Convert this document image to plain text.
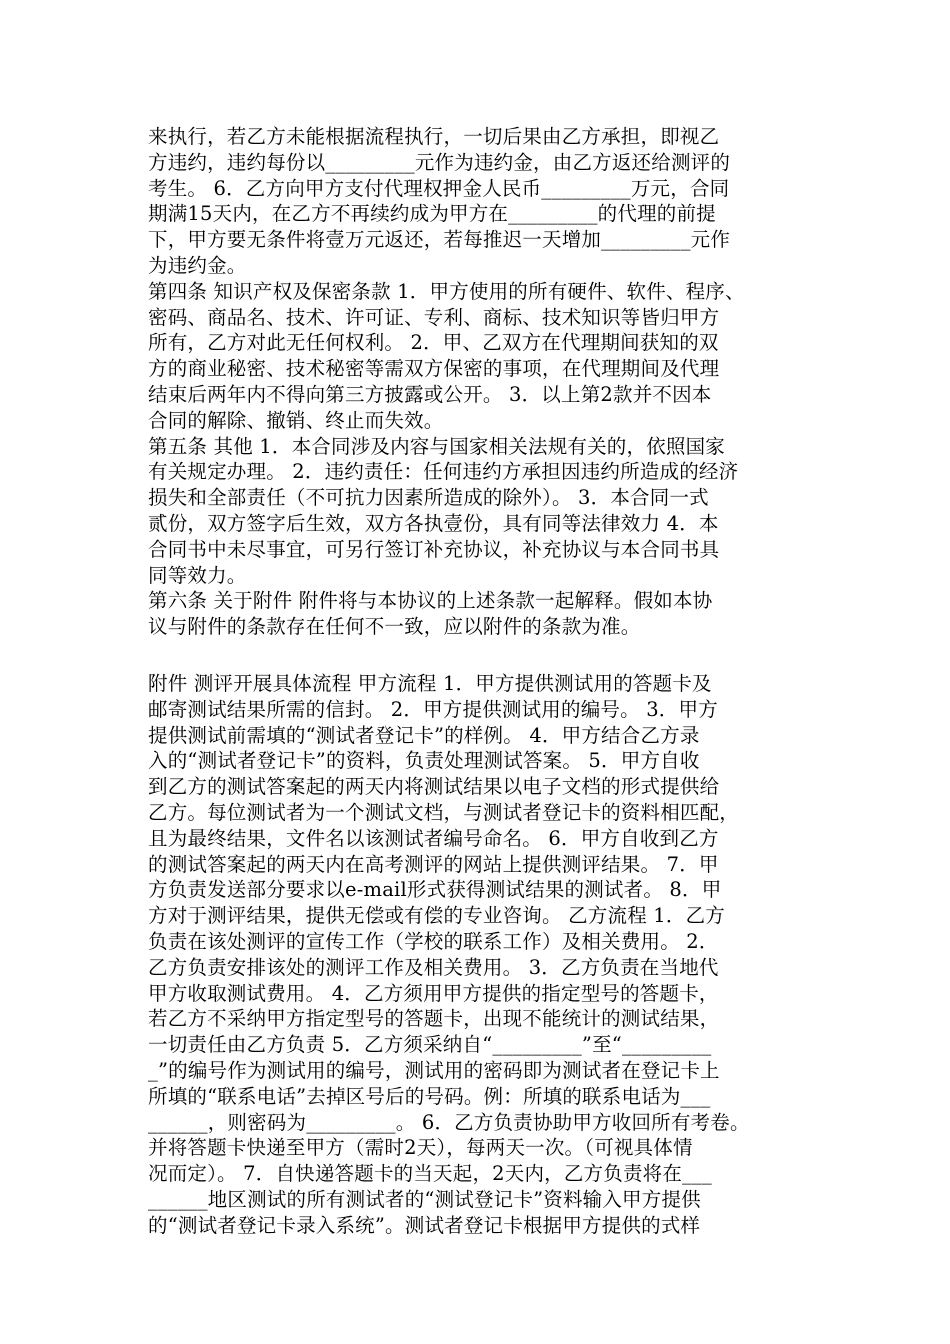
来执行，若乙方未能根据流程执行，一切后果由乙方承担，即视乙
方违约，违约每份以_________元作为违约金，由乙方返还给测评的
考生。 6．乙方向甲方支付代理权押金人民币_________万元，合同
期满15天内，在乙方不再续约成为甲方在_________的代理的前提
下，甲方要无条件将壹万元返还，若每推迟一天增加_________元作
为违约金。
第四条 知识产权及保密条款 1．甲方使用的所有硬件、软件、程序、
密码、商品名、技术、许可证、专利、商标、技术知识等皆归甲方
所有，乙方对此无任何权利。 2．甲、乙双方在代理期间获知的双
方的商业秘密、技术秘密等需双方保密的事项，在代理期间及代理
结束后两年内不得向第三方披露或公开。 3．以上第2款并不因本
合同的解除、撤销、终止而失效。
第五条 其他 1．本合同涉及内容与国家相关法规有关的，依照国家
有关规定办理。 2．违约责任：任何违约方承担因违约所造成的经济
损失和全部责任（不可抗力因素所造成的除外）。 3．本合同一式
贰份，双方签字后生效，双方各执壹份，具有同等法律效力 4．本
合同书中未尽事宜，可另行签订补充协议，补充协议与本合同书具
同等效力。
第六条 关于附件 附件将与本协议的上述条款一起解释。假如本协
议与附件的条款存在任何不一致，应以附件的条款为准。
附件 测评开展具体流程 甲方流程 1．甲方提供测试用的答题卡及
邮寄测试结果所需的信封。 2．甲方提供测试用的编号。 3．甲方
提供测试前需填的“测试者登记卡”的样例。 4．甲方结合乙方录
入的“测试者登记卡”的资料，负责处理测试答案。 5．甲方自收
到乙方的测试答案起的两天内将测试结果以电子文档的形式提供给
乙方。每位测试者为一个测试文档，与测试者登记卡的资料相匹配，
且为最终结果，文件名以该测试者编号命名。 6．甲方自收到乙方
的测试答案起的两天内在高考测评的网站上提供测评结果。 7．甲
方负责发送部分要求以e-mail形式获得测试结果的测试者。 8．甲
方对于测评结果，提供无偿或有偿的专业咨询。 乙方流程 1．乙方
负责在该处测评的宣传工作（学校的联系工作）及相关费用。 2．
乙方负责安排该处的测评工作及相关费用。 3．乙方负责在当地代
甲方收取测试费用。 4．乙方须用甲方提供的指定型号的答题卡，
若乙方不采纳甲方指定型号的答题卡，出现不能统计的测试结果，
一切责任由乙方负责 5．乙方须采纳自“_________”至“_________
_”的编号作为测试用的编号，测试用的密码即为测试者在登记卡上
所填的“联系电话”去掉区号后的号码。例：所填的联系电话为___
______，则密码为_________。 6．乙方负责协助甲方收回所有考卷。
并将答题卡快递至甲方（需时2天），每两天一次。（可视具体情
况而定）。 7．自快递答题卡的当天起，2天内，乙方负责将在___
______地区测试的所有测试者的“测试登记卡”资料输入甲方提供
的“测试者登记卡录入系统”。测试者登记卡根据甲方提供的式样
